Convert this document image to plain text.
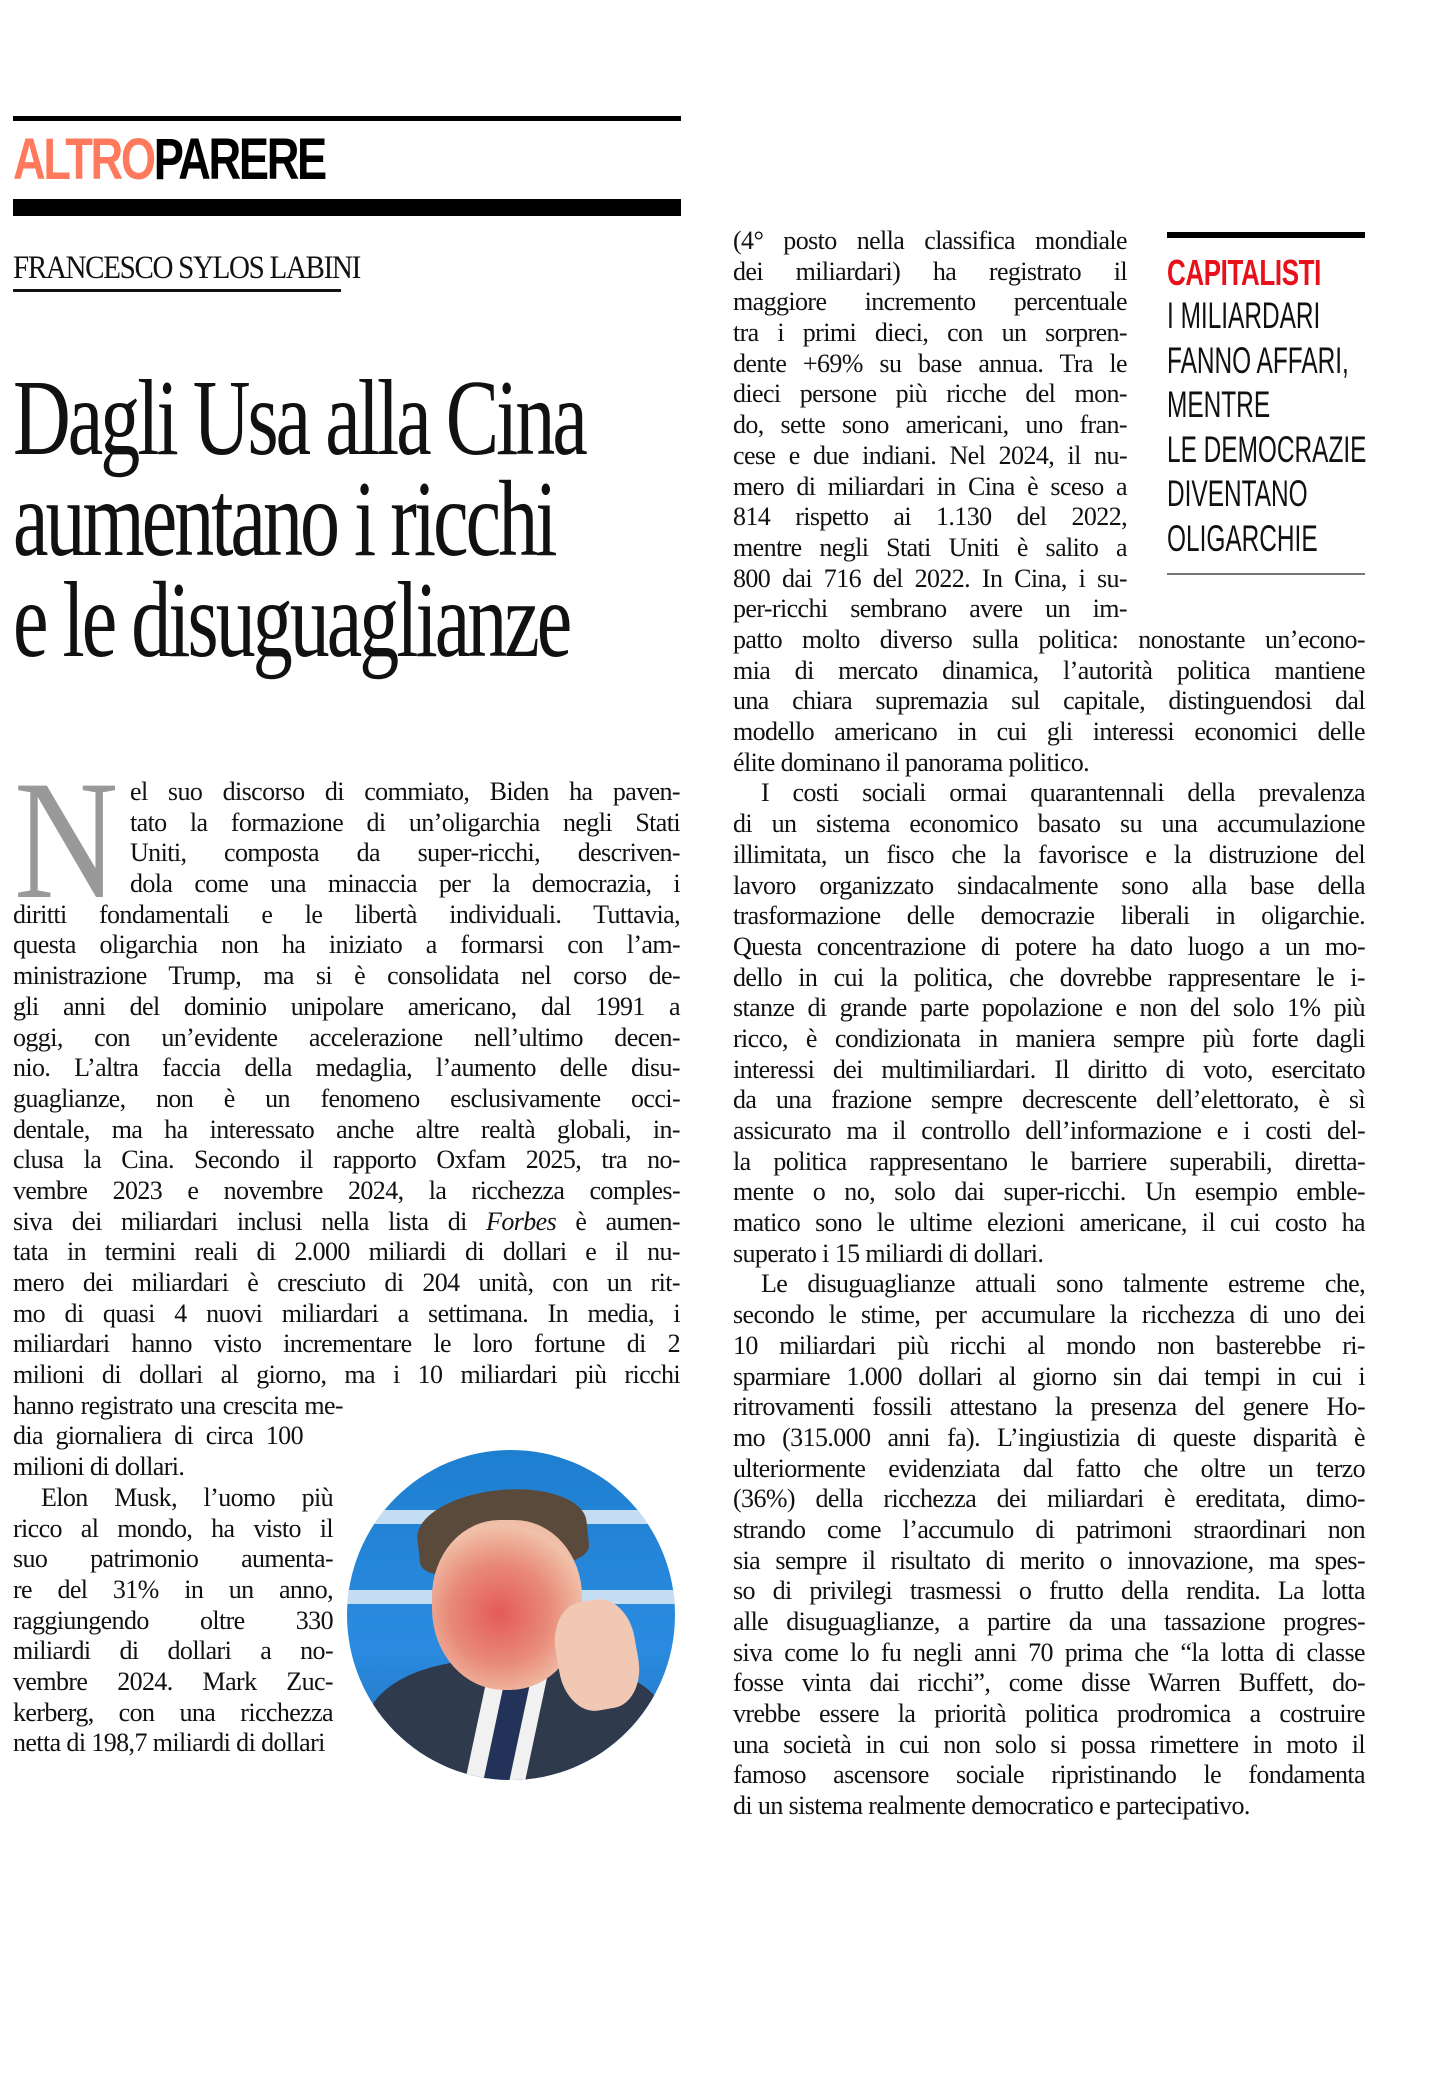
ALTROPARERE
FRANCESCO SYLOS LABINI
Dagli Usa alla Cina
aumentano i ricchi
e le disuguaglianze
CAPITALISTI
I MILIARDARI
FANNO AFFARI,
MENTRE
LE DEMOCRAZIE
DIVENTANO
OLIGARCHIE
N el suo discorso di commiato, Biden ha paven-
tato la formazione di un’oligarchia negli Stati
Uniti, composta da super-ricchi, descriven-
dola come una minaccia per la democrazia, i
diritti fondamentali e le libertà individuali. Tuttavia,
questa oligarchia non ha iniziato a formarsi con l’am-
ministrazione Trump, ma si è consolidata nel corso de-
gli anni del dominio unipolare americano, dal 1991 a
oggi, con un’evidente accelerazione nell’ultimo decen-
nio. L’altra faccia della medaglia, l’aumento delle disu-
guaglianze, non è un fenomeno esclusivamente occi-
dentale, ma ha interessato anche altre realtà globali, in-
clusa la Cina. Secondo il rapporto Oxfam 2025, tra no-
vembre 2023 e novembre 2024, la ricchezza comples-
siva dei miliardari inclusi nella lista di Forbes è aumen-
tata in termini reali di 2.000 miliardi di dollari e il nu-
mero dei miliardari è cresciuto di 204 unità, con un rit-
mo di quasi 4 nuovi miliardari a settimana. In media, i
miliardari hanno visto incrementare le loro fortune di 2
milioni di dollari al giorno, ma i 10 miliardari più ricchi
hanno registrato una crescita me-
dia giornaliera di circa 100
milioni di dollari.
Elon Musk, l’uomo più
ricco al mondo, ha visto il
suo patrimonio aumenta-
re del 31% in un anno,
raggiungendo oltre 330
miliardi di dollari a no-
vembre 2024. Mark Zuc-
kerberg, con una ricchezza
netta di 198,7 miliardi di dollari
(4° posto nella classifica mondiale
dei miliardari) ha registrato il
maggiore incremento percentuale
tra i primi dieci, con un sorpren-
dente +69% su base annua. Tra le
dieci persone più ricche del mon-
do, sette sono americani, uno fran-
cese e due indiani. Nel 2024, il nu-
mero di miliardari in Cina è sceso a
814 rispetto ai 1.130 del 2022,
mentre negli Stati Uniti è salito a
800 dai 716 del 2022. In Cina, i su-
per-ricchi sembrano avere un im-
patto molto diverso sulla politica: nonostante un’econo-
mia di mercato dinamica, l’autorità politica mantiene
una chiara supremazia sul capitale, distinguendosi dal
modello americano in cui gli interessi economici delle
élite dominano il panorama politico.
I costi sociali ormai quarantennali della prevalenza
di un sistema economico basato su una accumulazione
illimitata, un fisco che la favorisce e la distruzione del
lavoro organizzato sindacalmente sono alla base della
trasformazione delle democrazie liberali in oligarchie.
Questa concentrazione di potere ha dato luogo a un mo-
dello in cui la politica, che dovrebbe rappresentare le i-
stanze di grande parte popolazione e non del solo 1% più
ricco, è condizionata in maniera sempre più forte dagli
interessi dei multimiliardari. Il diritto di voto, esercitato
da una frazione sempre decrescente dell’elettorato, è sì
assicurato ma il controllo dell’informazione e i costi del-
la politica rappresentano le barriere superabili, diretta-
mente o no, solo dai super-ricchi. Un esempio emble-
matico sono le ultime elezioni americane, il cui costo ha
superato i 15 miliardi di dollari.
Le disuguaglianze attuali sono talmente estreme che,
secondo le stime, per accumulare la ricchezza di uno dei
10 miliardari più ricchi al mondo non basterebbe ri-
sparmiare 1.000 dollari al giorno sin dai tempi in cui i
ritrovamenti fossili attestano la presenza del genere Ho-
mo (315.000 anni fa). L’ingiustizia di queste disparità è
ulteriormente evidenziata dal fatto che oltre un terzo
(36%) della ricchezza dei miliardari è ereditata, dimo-
strando come l’accumulo di patrimoni straordinari non
sia sempre il risultato di merito o innovazione, ma spes-
so di privilegi trasmessi o frutto della rendita. La lotta
alle disuguaglianze, a partire da una tassazione progres-
siva come lo fu negli anni 70 prima che “la lotta di classe
fosse vinta dai ricchi”, come disse Warren Buffett, do-
vrebbe essere la priorità politica prodromica a costruire
una società in cui non solo si possa rimettere in moto il
famoso ascensore sociale ripristinando le fondamenta
di un sistema realmente democratico e partecipativo.
